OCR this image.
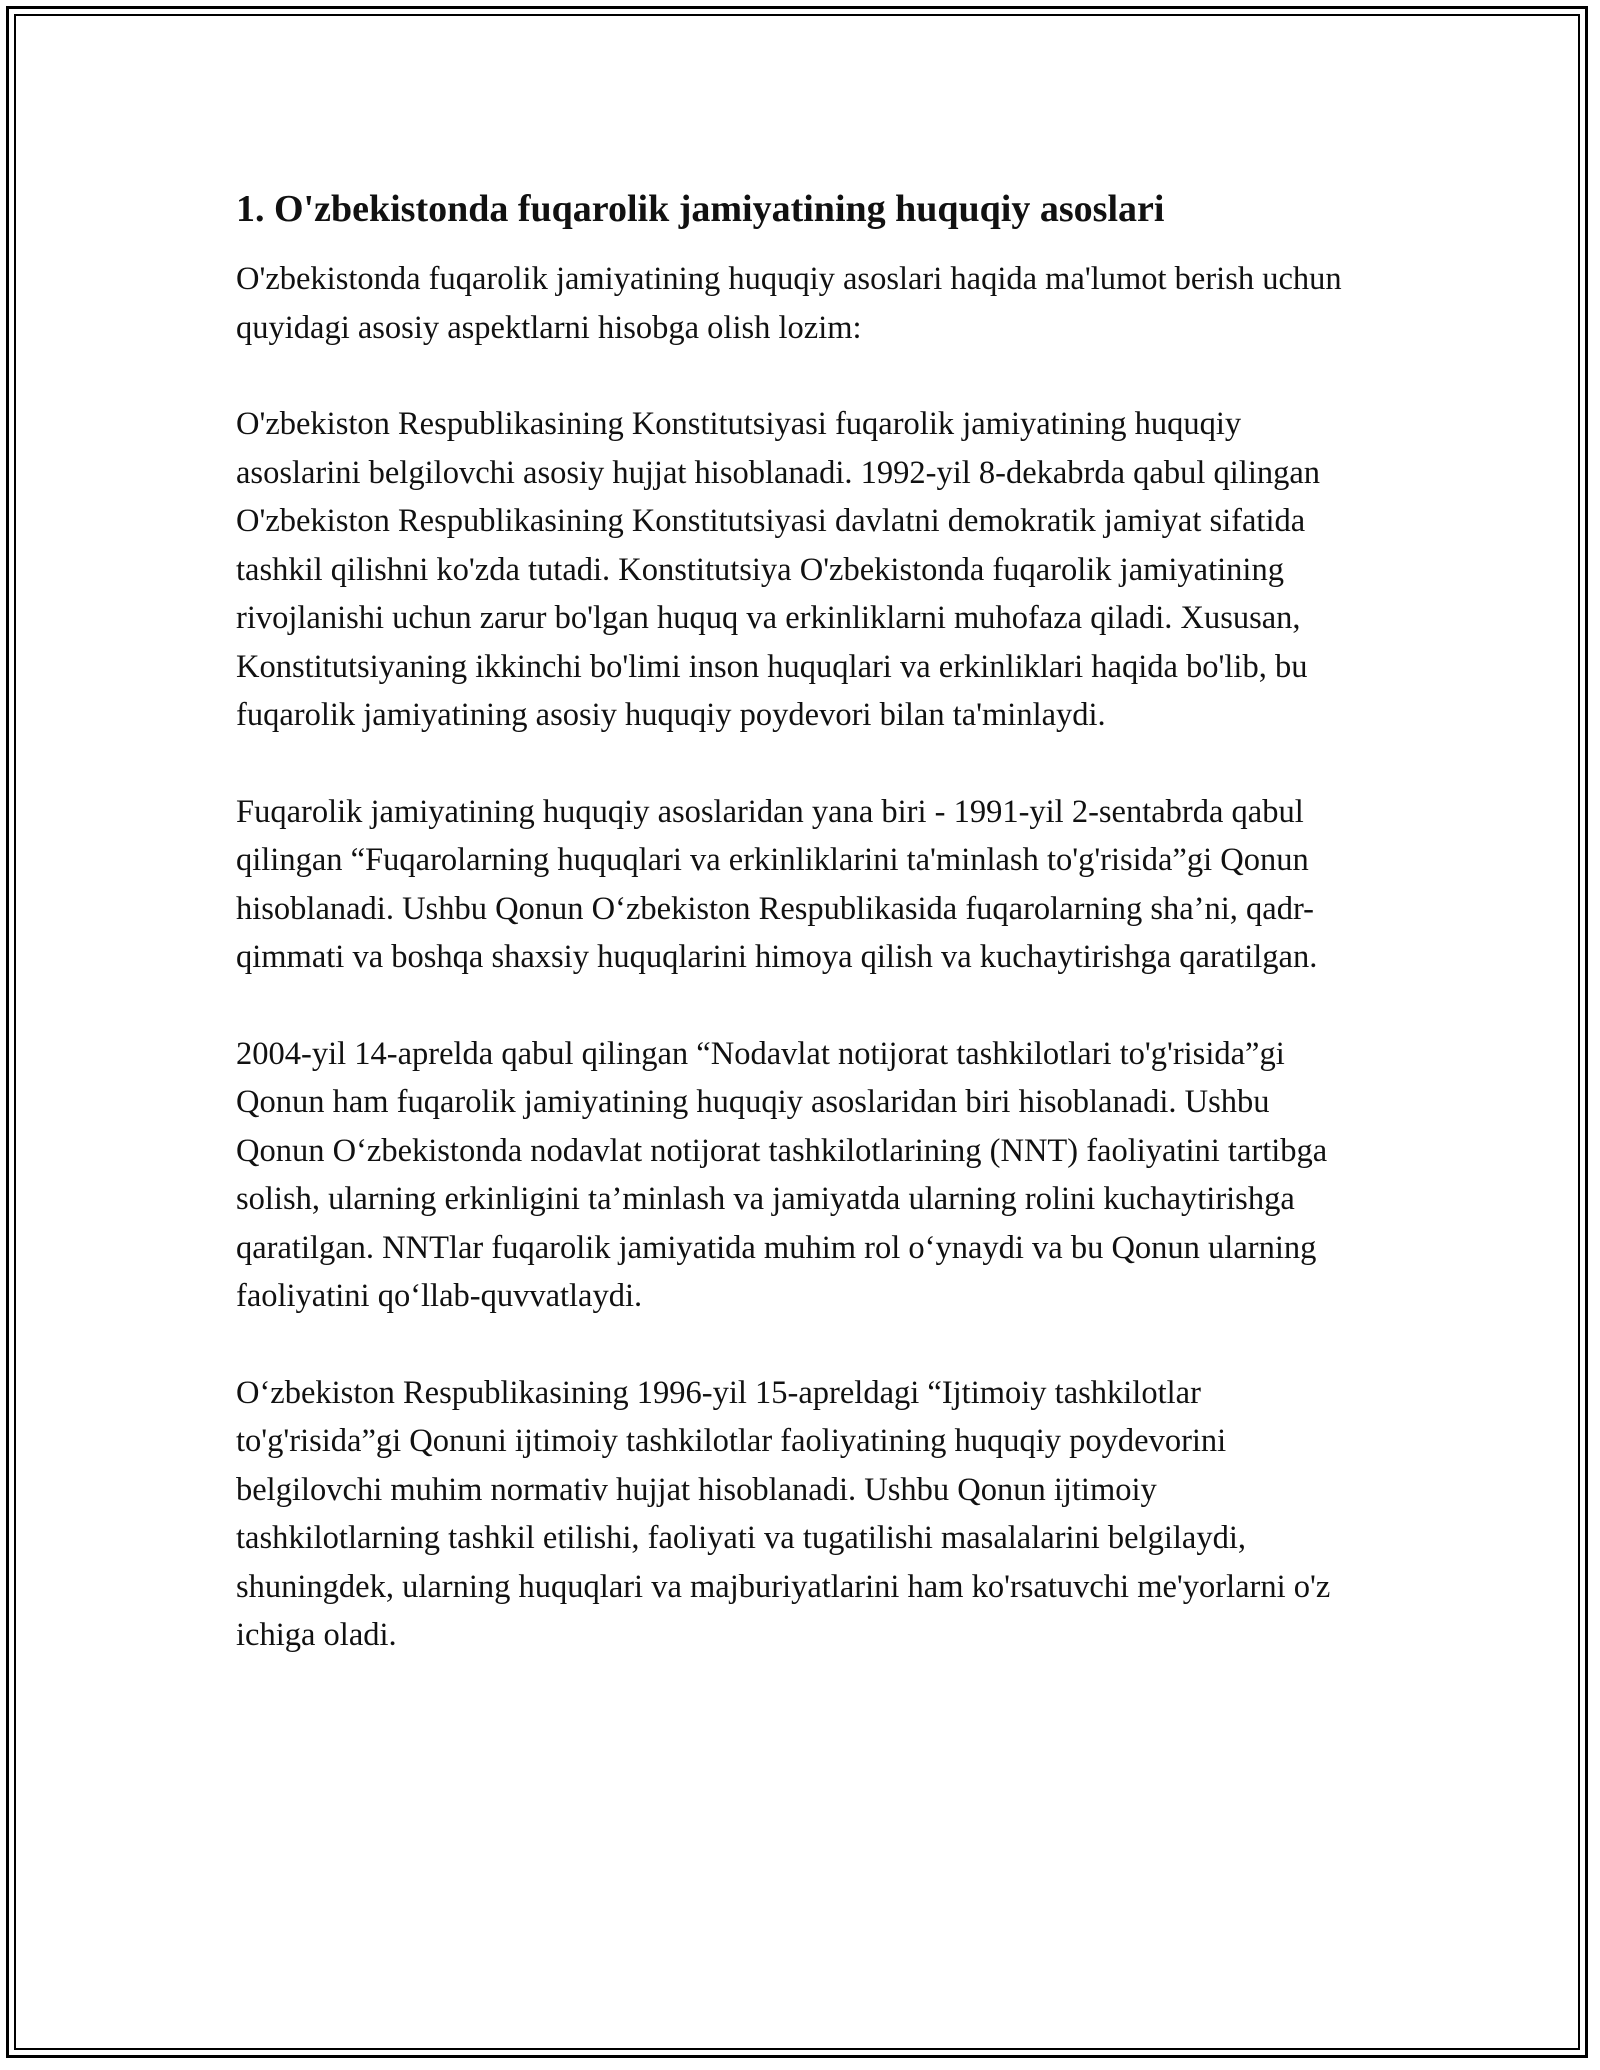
1. O'zbekistonda fuqarolik jamiyatining huquqiy asoslari

O'zbekistonda fuqarolik jamiyatining huquqiy asoslari haqida ma'lumot berish uchun quyidagi asosiy aspektlarni hisobga olish lozim:

O'zbekiston Respublikasining Konstitutsiyasi fuqarolik jamiyatining huquqiy asoslarini belgilovchi asosiy hujjat hisoblanadi. 1992-yil 8-dekabrda qabul qilingan O'zbekiston Respublikasining Konstitutsiyasi davlatni demokratik jamiyat sifatida tashkil qilishni ko'zda tutadi. Konstitutsiya O'zbekistonda fuqarolik jamiyatining rivojlanishi uchun zarur bo'lgan huquq va erkinliklarni muhofaza qiladi. Xususan, Konstitutsiyaning ikkinchi bo'limi inson huquqlari va erkinliklari haqida bo'lib, bu fuqarolik jamiyatining asosiy huquqiy poydevori bilan ta'minlaydi.

Fuqarolik jamiyatining huquqiy asoslaridan yana biri - 1991-yil 2-sentabrda qabul qilingan “Fuqarolarning huquqlari va erkinliklarini ta'minlash to'g'risida”gi Qonun hisoblanadi. Ushbu Qonun O‘zbekiston Respublikasida fuqarolarning sha’ni, qadr-qimmati va boshqa shaxsiy huquqlarini himoya qilish va kuchaytirishga qaratilgan.

2004-yil 14-aprelda qabul qilingan “Nodavlat notijorat tashkilotlari to'g'risida”gi Qonun ham fuqarolik jamiyatining huquqiy asoslaridan biri hisoblanadi. Ushbu Qonun O‘zbekistonda nodavlat notijorat tashkilotlarining (NNT) faoliyatini tartibga solish, ularning erkinligini ta’minlash va jamiyatda ularning rolini kuchaytirishga qaratilgan. NNTlar fuqarolik jamiyatida muhim rol o‘ynaydi va bu Qonun ularning faoliyatini qo‘llab-quvvatlaydi.

O‘zbekiston Respublikasining 1996-yil 15-apreldagi “Ijtimoiy tashkilotlar to'g'risida”gi Qonuni ijtimoiy tashkilotlar faoliyatining huquqiy poydevorini belgilovchi muhim normativ hujjat hisoblanadi. Ushbu Qonun ijtimoiy tashkilotlarning tashkil etilishi, faoliyati va tugatilishi masalalarini belgilaydi, shuningdek, ularning huquqlari va majburiyatlarini ham ko'rsatuvchi me'yorlarni o'z ichiga oladi.
